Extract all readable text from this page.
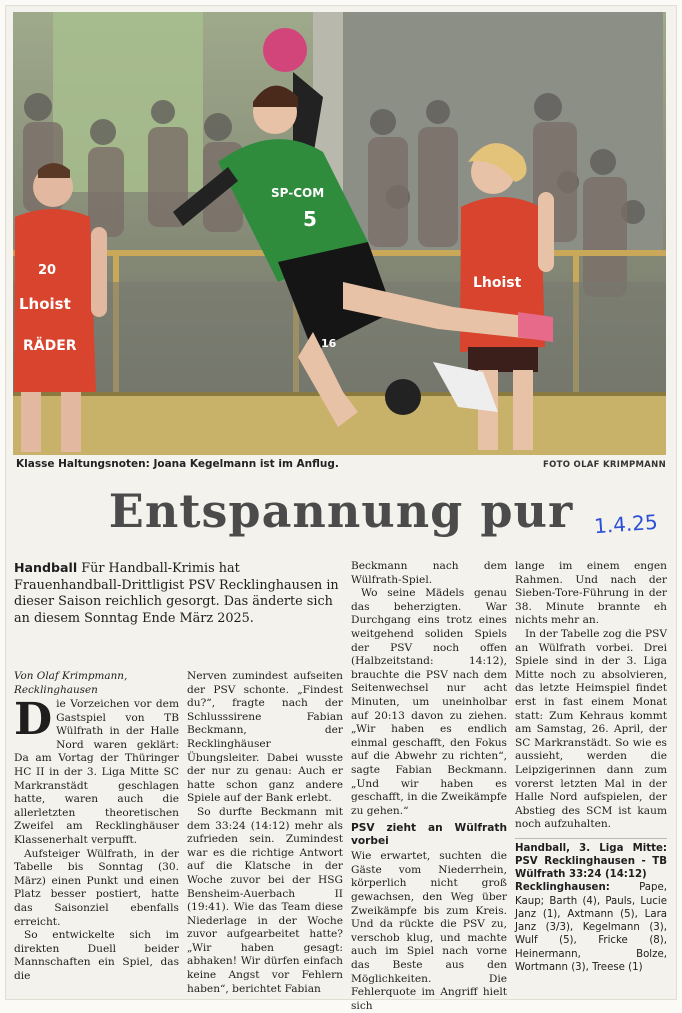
20
Lhoist
RÄDER
Lhoist
SP-COM
5
16
Klasse Haltungsnoten: Joana Kegelmann ist im Anflug.	FOTO OLAF KRIMPMANN
Entspannung pur	1.4.25
Handball Für Handball-Krimis hat Frauenhandball-Drittligist PSV Recklinghausen in dieser Saison reichlich gesorgt. Das änderte sich an diesem Sonntag Ende März 2025.
Von Olaf Krimpmann,
Recklinghausen

Die Vorzeichen vor dem Gastspiel von TB Wülfrath in der Halle Nord waren geklärt: Da am Vortag der Thüringer HC II in der 3. Liga Mitte SC Markranstädt geschlagen hatte, waren auch die allerletzten theoretischen Zweifel am Recklinghäuser Klassenerhalt verpufft.

Aufsteiger Wülfrath, in der Tabelle bis Sonntag (30. März) einen Punkt und einen Platz besser postiert, hatte das Saisonziel ebenfalls erreicht.

So entwickelte sich im direkten Duell beider Mannschaften ein Spiel, das die

Nerven zumindest aufseiten der PSV schonte. „Findest du?“, fragte nach der Schlusssirene Fabian Beckmann, der Recklinghäuser Übungsleiter. Dabei wusste der nur zu genau: Auch er hatte schon ganz andere Spiele auf der Bank erlebt.

So durfte Beckmann mit dem 33:24 (14:12) mehr als zufrieden sein. Zumindest war es die richtige Antwort auf die Klatsche in der Woche zuvor bei der HSG Bensheim-Auerbach II (19:41). Wie das Team diese Niederlage in der Woche zuvor aufgearbeitet hatte? „Wir haben gesagt: abhaken! Wir dürfen einfach keine Angst vor Fehlern haben“, berichtet Fabian

Beckmann nach dem Wülfrath-Spiel.

Wo seine Mädels genau das beherzigten. War Durchgang eins trotz eines weitgehend soliden Spiels der PSV noch offen (Halbzeitstand: 14:12), brauchte die PSV nach dem Seitenwechsel nur acht Minuten, um uneinholbar auf 20:13 davon zu ziehen. „Wir haben es endlich einmal geschafft, den Fokus auf die Abwehr zu richten“, sagte Fabian Beckmann. „Und wir haben es geschafft, in die Zweikämpfe zu gehen.“

PSV zieht an Wülfrath vorbei

Wie erwartet, suchten die Gäste vom Niederrhein, körperlich nicht groß gewachsen, den Weg über Zweikämpfe bis zum Kreis. Und da rückte die PSV zu, verschob klug, und machte auch im Spiel nach vorne das Beste aus den Möglichkeiten. Die Fehlerquote im Angriff hielt sich

lange im einem engen Rahmen. Und nach der Sieben-Tore-Führung in der 38. Minute brannte eh nichts mehr an.

In der Tabelle zog die PSV an Wülfrath vorbei. Drei Spiele sind in der 3. Liga Mitte noch zu absolvieren, das letzte Heimspiel findet erst in fast einem Monat statt: Zum Kehraus kommt am Samstag, 26. April, der SC Markranstädt. So wie es aussieht, werden die Leipzigerinnen dann zum vorerst letzten Mal in der Halle Nord aufspielen, der Abstieg des SCM ist kaum noch aufzuhalten.

Handball, 3. Liga Mitte: PSV Recklinghausen - TB Wülfrath 33:24 (14:12)
Recklinghausen:	Pape, Kaup; Barth (4), Pauls, Lucie Janz (1), Axtmann (5), Lara Janz (3/3), Kegelmann (3), Wulf (5), Fricke (8), Heinermann, Bolze, Wortmann (3), Treese (1)
